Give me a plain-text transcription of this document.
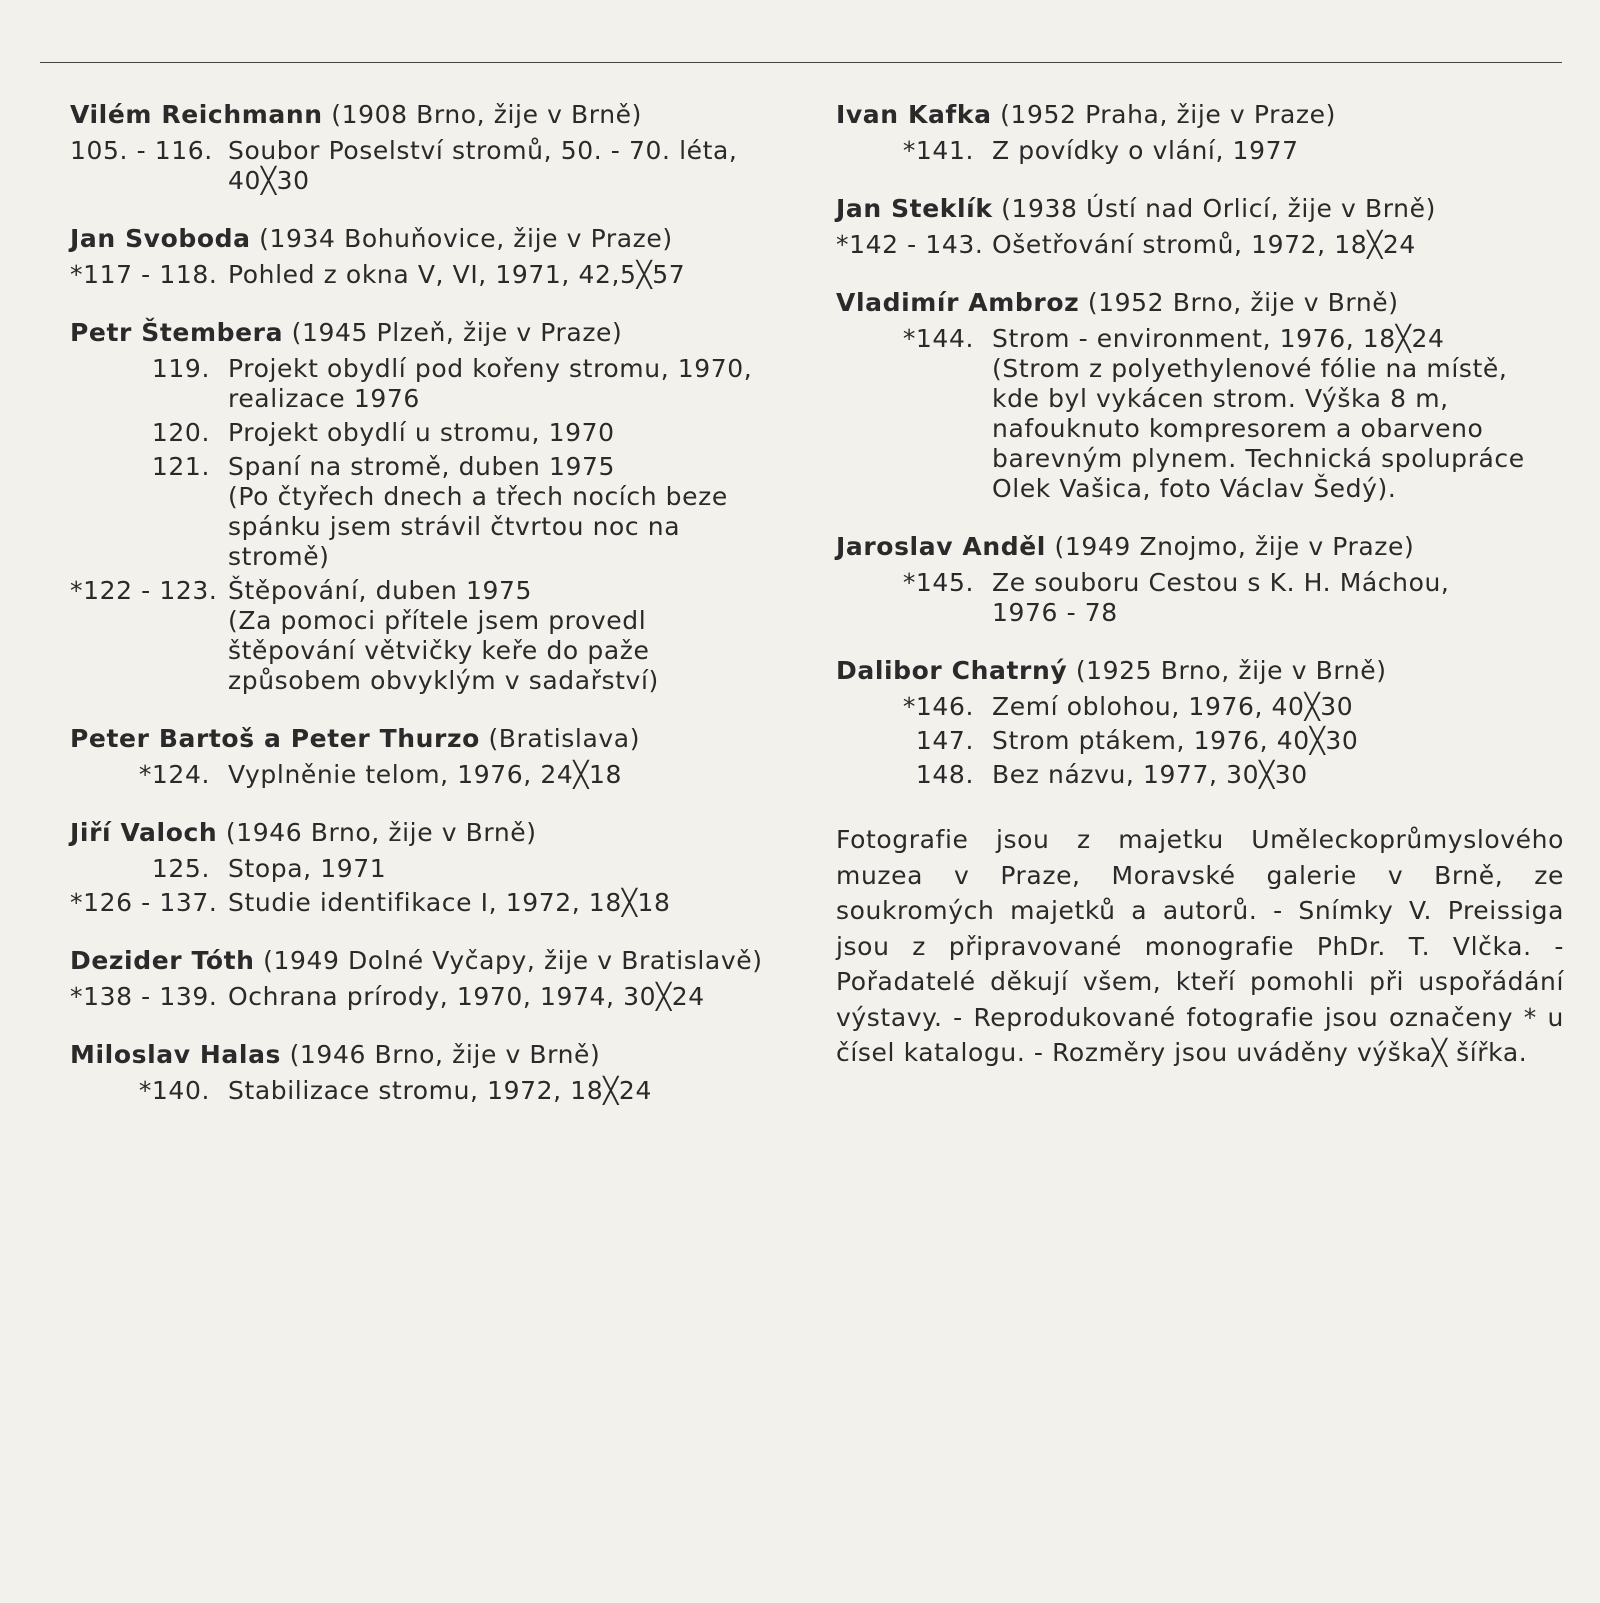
Vilém Reichmann (1908 Brno, žije v Brně)
105. - 116. Soubor Poselství stromů, 50. - 70. léta,
40╳30
Jan Svoboda (1934 Bohuňovice, žije v Praze)
*117 - 118. Pohled z okna V, VI, 1971, 42,5╳57
Petr Štembera (1945 Plzeň, žije v Praze)
119. Projekt obydlí pod kořeny stromu, 1970,
realizace 1976
120. Projekt obydlí u stromu, 1970
121. Spaní na stromě, duben 1975
(Po čtyřech dnech a třech nocích beze
spánku jsem strávil čtvrtou noc na
stromě)
*122 - 123. Štěpování, duben 1975
(Za pomoci přítele jsem provedl
štěpování větvičky keře do paže
způsobem obvyklým v sadařství)
Peter Bartoš a Peter Thurzo (Bratislava)
*124. Vyplněnie telom, 1976, 24╳18
Jiří Valoch (1946 Brno, žije v Brně)
125. Stopa, 1971
*126 - 137. Studie identifikace I, 1972, 18╳18
Dezider Tóth (1949 Dolné Vyčapy, žije v Bratislavě)
*138 - 139. Ochrana prírody, 1970, 1974, 30╳24
Miloslav Halas (1946 Brno, žije v Brně)
*140. Stabilizace stromu, 1972, 18╳24
Ivan Kafka (1952 Praha, žije v Praze)
*141. Z povídky o vlání, 1977
Jan Steklík (1938 Ústí nad Orlicí, žije v Brně)
*142 - 143. Ošetřování stromů, 1972, 18╳24
Vladimír Ambroz (1952 Brno, žije v Brně)
*144. Strom - environment, 1976, 18╳24
(Strom z polyethylenové fólie na místě,
kde byl vykácen strom. Výška 8 m,
nafouknuto kompresorem a obarveno
barevným plynem. Technická spolupráce
Olek Vašica, foto Václav Šedý).
Jaroslav Anděl (1949 Znojmo, žije v Praze)
*145. Ze souboru Cestou s K. H. Máchou,
1976 - 78
Dalibor Chatrný (1925 Brno, žije v Brně)
*146. Zemí oblohou, 1976, 40╳30
147. Strom ptákem, 1976, 40╳30
148. Bez názvu, 1977, 30╳30
Fotografie jsou z majetku Uměleckoprůmyslového muzea v Praze, Moravské galerie v Brně, ze soukromých majetků a autorů. - Snímky V. Preissiga jsou z připravované monografie PhDr. T. Vlčka. - Pořadatelé děkují všem, kteří pomohli při uspořádání výstavy. - Reprodukované fotografie jsou označeny * u čísel katalogu. - Rozměry jsou uváděny výška╳ šířka.
